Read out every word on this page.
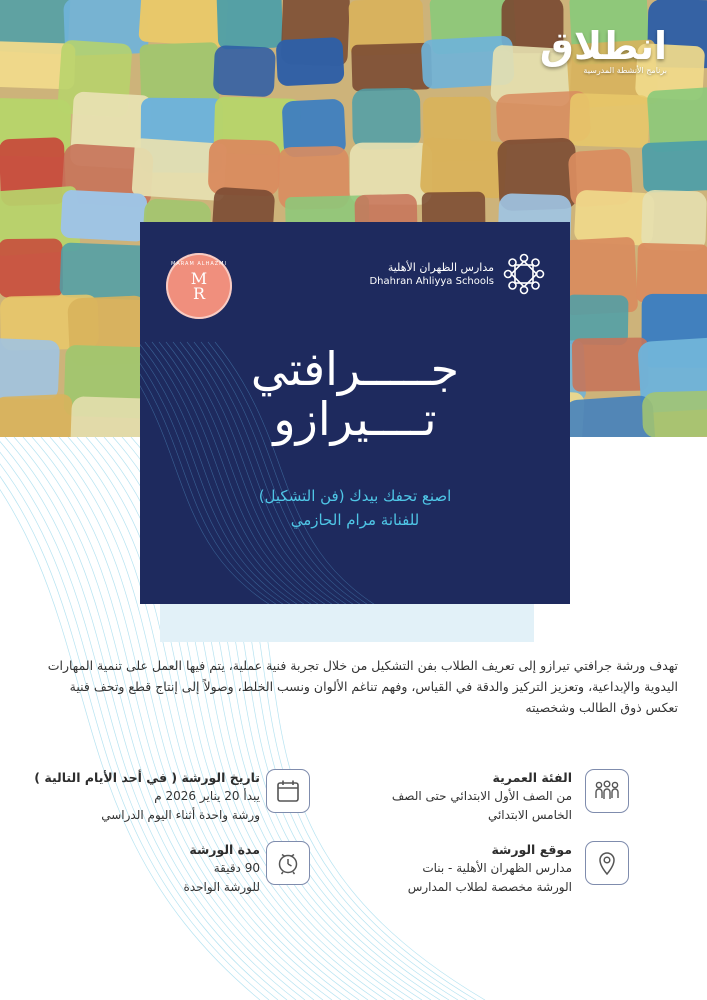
انطلاق
برنامج الأنشطة المدرسية
MARAM ALHAZMI
M
R
مدارس الظهران الأهلية
Dhahran Ahliyya Schools
جـــــرافتي
تــــيرازو
اصنع تحفك بيدك (فن التشكيل)
للفنانة مرام الحازمي
تهدف ورشة جرافتي تيرازو إلى تعريف الطلاب بفن التشكيل من خلال تجربة فنية عملية، يتم فيها العمل على تنمية المهارات اليدوية والإبداعية، وتعزيز التركيز والدقة في القياس، وفهم تناغم الألوان ونسب الخلط، وصولاً إلى إنتاج قطع وتحف فنية تعكس ذوق الطالب وشخصيته
تاريخ الورشة ( في أحد الأيام التالية )
يبدأ 20 يناير 2026 م
ورشة واحدة أثناء اليوم الدراسي
الفئة العمرية
من الصف الأول الابتدائي حتى الصف
الخامس الابتدائي
مدة الورشة
90 دقيقة
للورشة الواحدة
موقع الورشة
مدارس الظهران الأهلية - بنات
الورشة مخصصة لطلاب المدارس
